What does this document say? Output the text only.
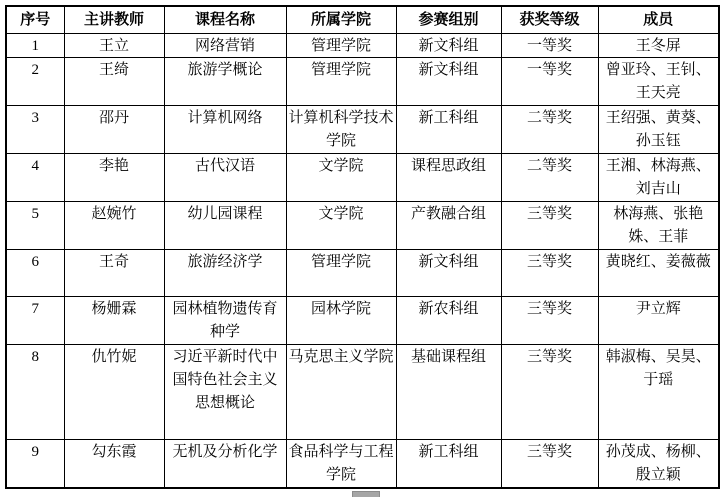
序号	主讲教师	课程名称	所属学院	参赛组别	获奖等级	成员
1	王立	网络营销	管理学院	新文科组	一等奖	王冬屏
2	王绮	旅游学概论	管理学院	新文科组	一等奖	曾亚玲、王钊、王天亮
3	邵丹	计算机网络	计算机科学技术学院	新工科组	二等奖	王绍强、黄葵、孙玉钰
4	李艳	古代汉语	文学院	课程思政组	二等奖	王湘、林海燕、刘吉山
5	赵婉竹	幼儿园课程	文学院	产教融合组	三等奖	林海燕、张艳姝、王菲
6	王奇	旅游经济学	管理学院	新文科组	三等奖	黄晓红、姜薇薇
7	杨姗霖	园林植物遗传育种学	园林学院	新农科组	三等奖	尹立辉
8	仇竹妮	习近平新时代中国特色社会主义思想概论	马克思主义学院	基础课程组	三等奖	韩淑梅、吴昊、于瑶
9	勾东霞	无机及分析化学	食品科学与工程学院	新工科组	三等奖	孙茂成、杨柳、殷立颖
